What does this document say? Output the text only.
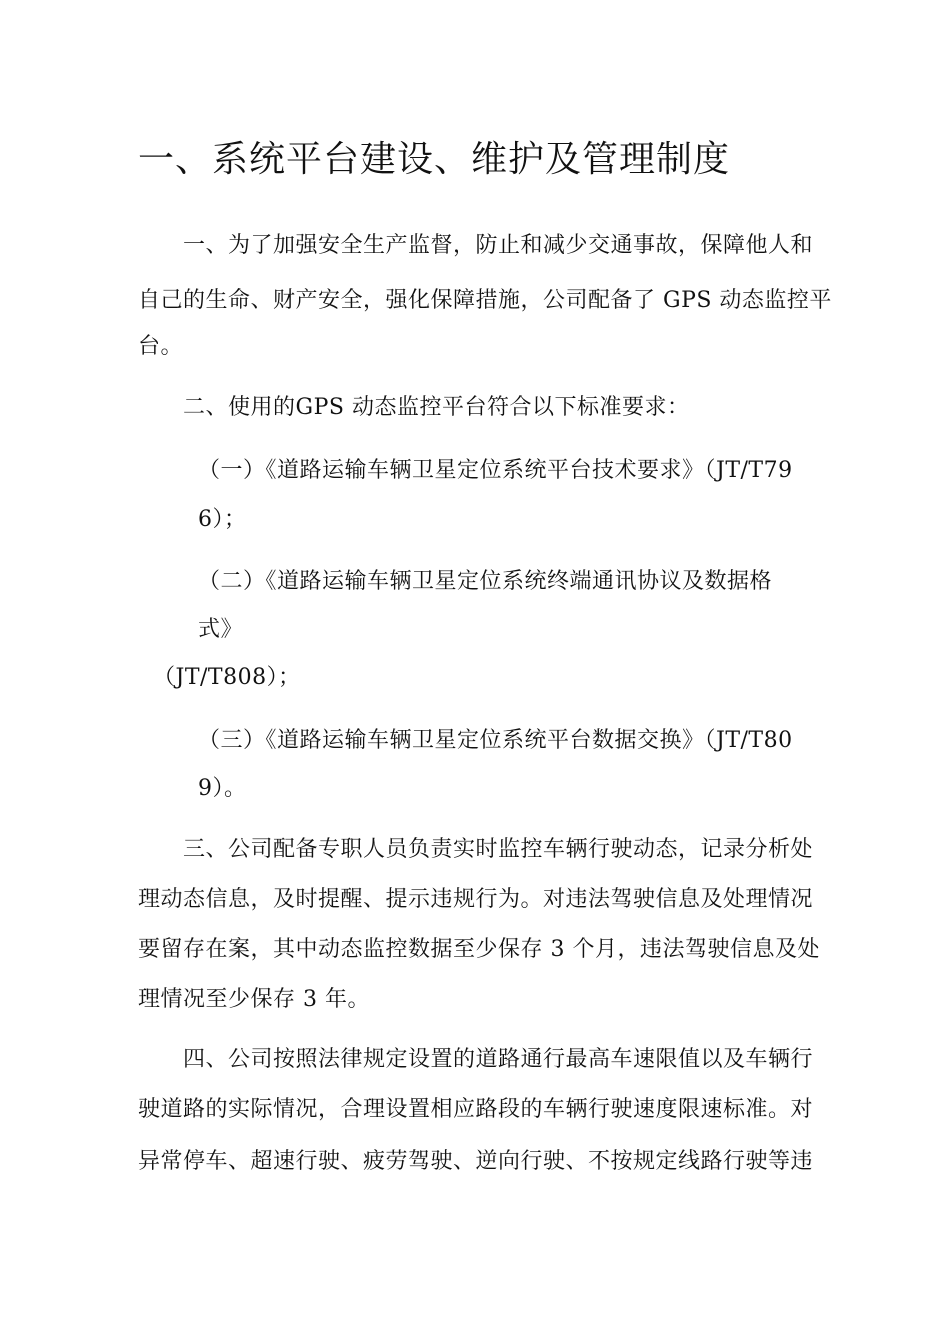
一、系统平台建设、维护及管理制度
一、为了加强安全生产监督，防止和减少交通事故，保障他人和
自己的生命、财产安全，强化保障措施，公司配备了 GPS 动态监控平
台。
二、使用的GPS 动态监控平台符合以下标准要求：
（一）《道路运输车辆卫星定位系统平台技术要求》（JT/T79
6）；
（二）《道路运输车辆卫星定位系统终端通讯协议及数据格
式》
（JT/T808）；
（三）《道路运输车辆卫星定位系统平台数据交换》（JT/T80
9）。
三、公司配备专职人员负责实时监控车辆行驶动态，记录分析处
理动态信息，及时提醒、提示违规行为。对违法驾驶信息及处理情况
要留存在案，其中动态监控数据至少保存 3 个月，违法驾驶信息及处
理情况至少保存 3 年。
四、公司按照法律规定设置的道路通行最高车速限值以及车辆行
驶道路的实际情况，合理设置相应路段的车辆行驶速度限速标准。对
异常停车、超速行驶、疲劳驾驶、逆向行驶、不按规定线路行驶等违
